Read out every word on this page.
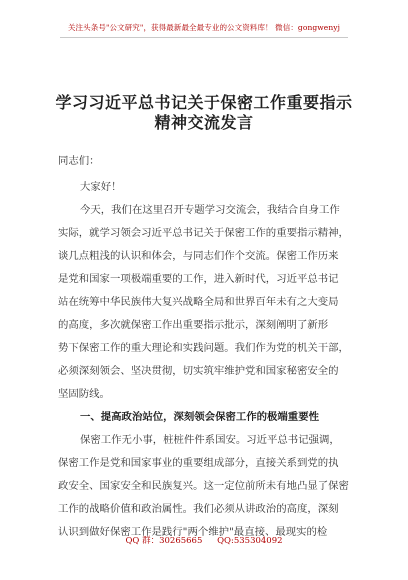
关注头条号"公文研究"，获得最新最全最专业的公文资料库！ 微信：gongwenyj
学习习近平总书记关于保密工作重要指示
精神交流发言
同志们：
大家好！
今天，我们在这里召开专题学习交流会，我结合自身工作
实际，就学习领会习近平总书记关于保密工作的重要指示精神，
谈几点粗浅的认识和体会，与同志们作个交流。保密工作历来
是党和国家一项极端重要的工作，进入新时代，习近平总书记
站在统筹中华民族伟大复兴战略全局和世界百年未有之大变局
的高度，多次就保密工作出重要指示批示，深刻阐明了新形
势下保密工作的重大理论和实践问题。我们作为党的机关干部，
必须深刻领会、坚决贯彻，切实筑牢维护党和国家秘密安全的
坚固防线。
一、提高政治站位，深刻领会保密工作的极端重要性
保密工作无小事，桩桩件件系国安。习近平总书记强调，
保密工作是党和国家事业的重要组成部分，直接关系到党的执
政安全、国家安全和民族复兴。这一定位前所未有地凸显了保密
工作的战略价值和政治属性。我们必须从讲政治的高度，深刻
认识到做好保密工作是践行"两个维护"最直接、最现实的检
QQ 群：30265665 QQ:535304092
